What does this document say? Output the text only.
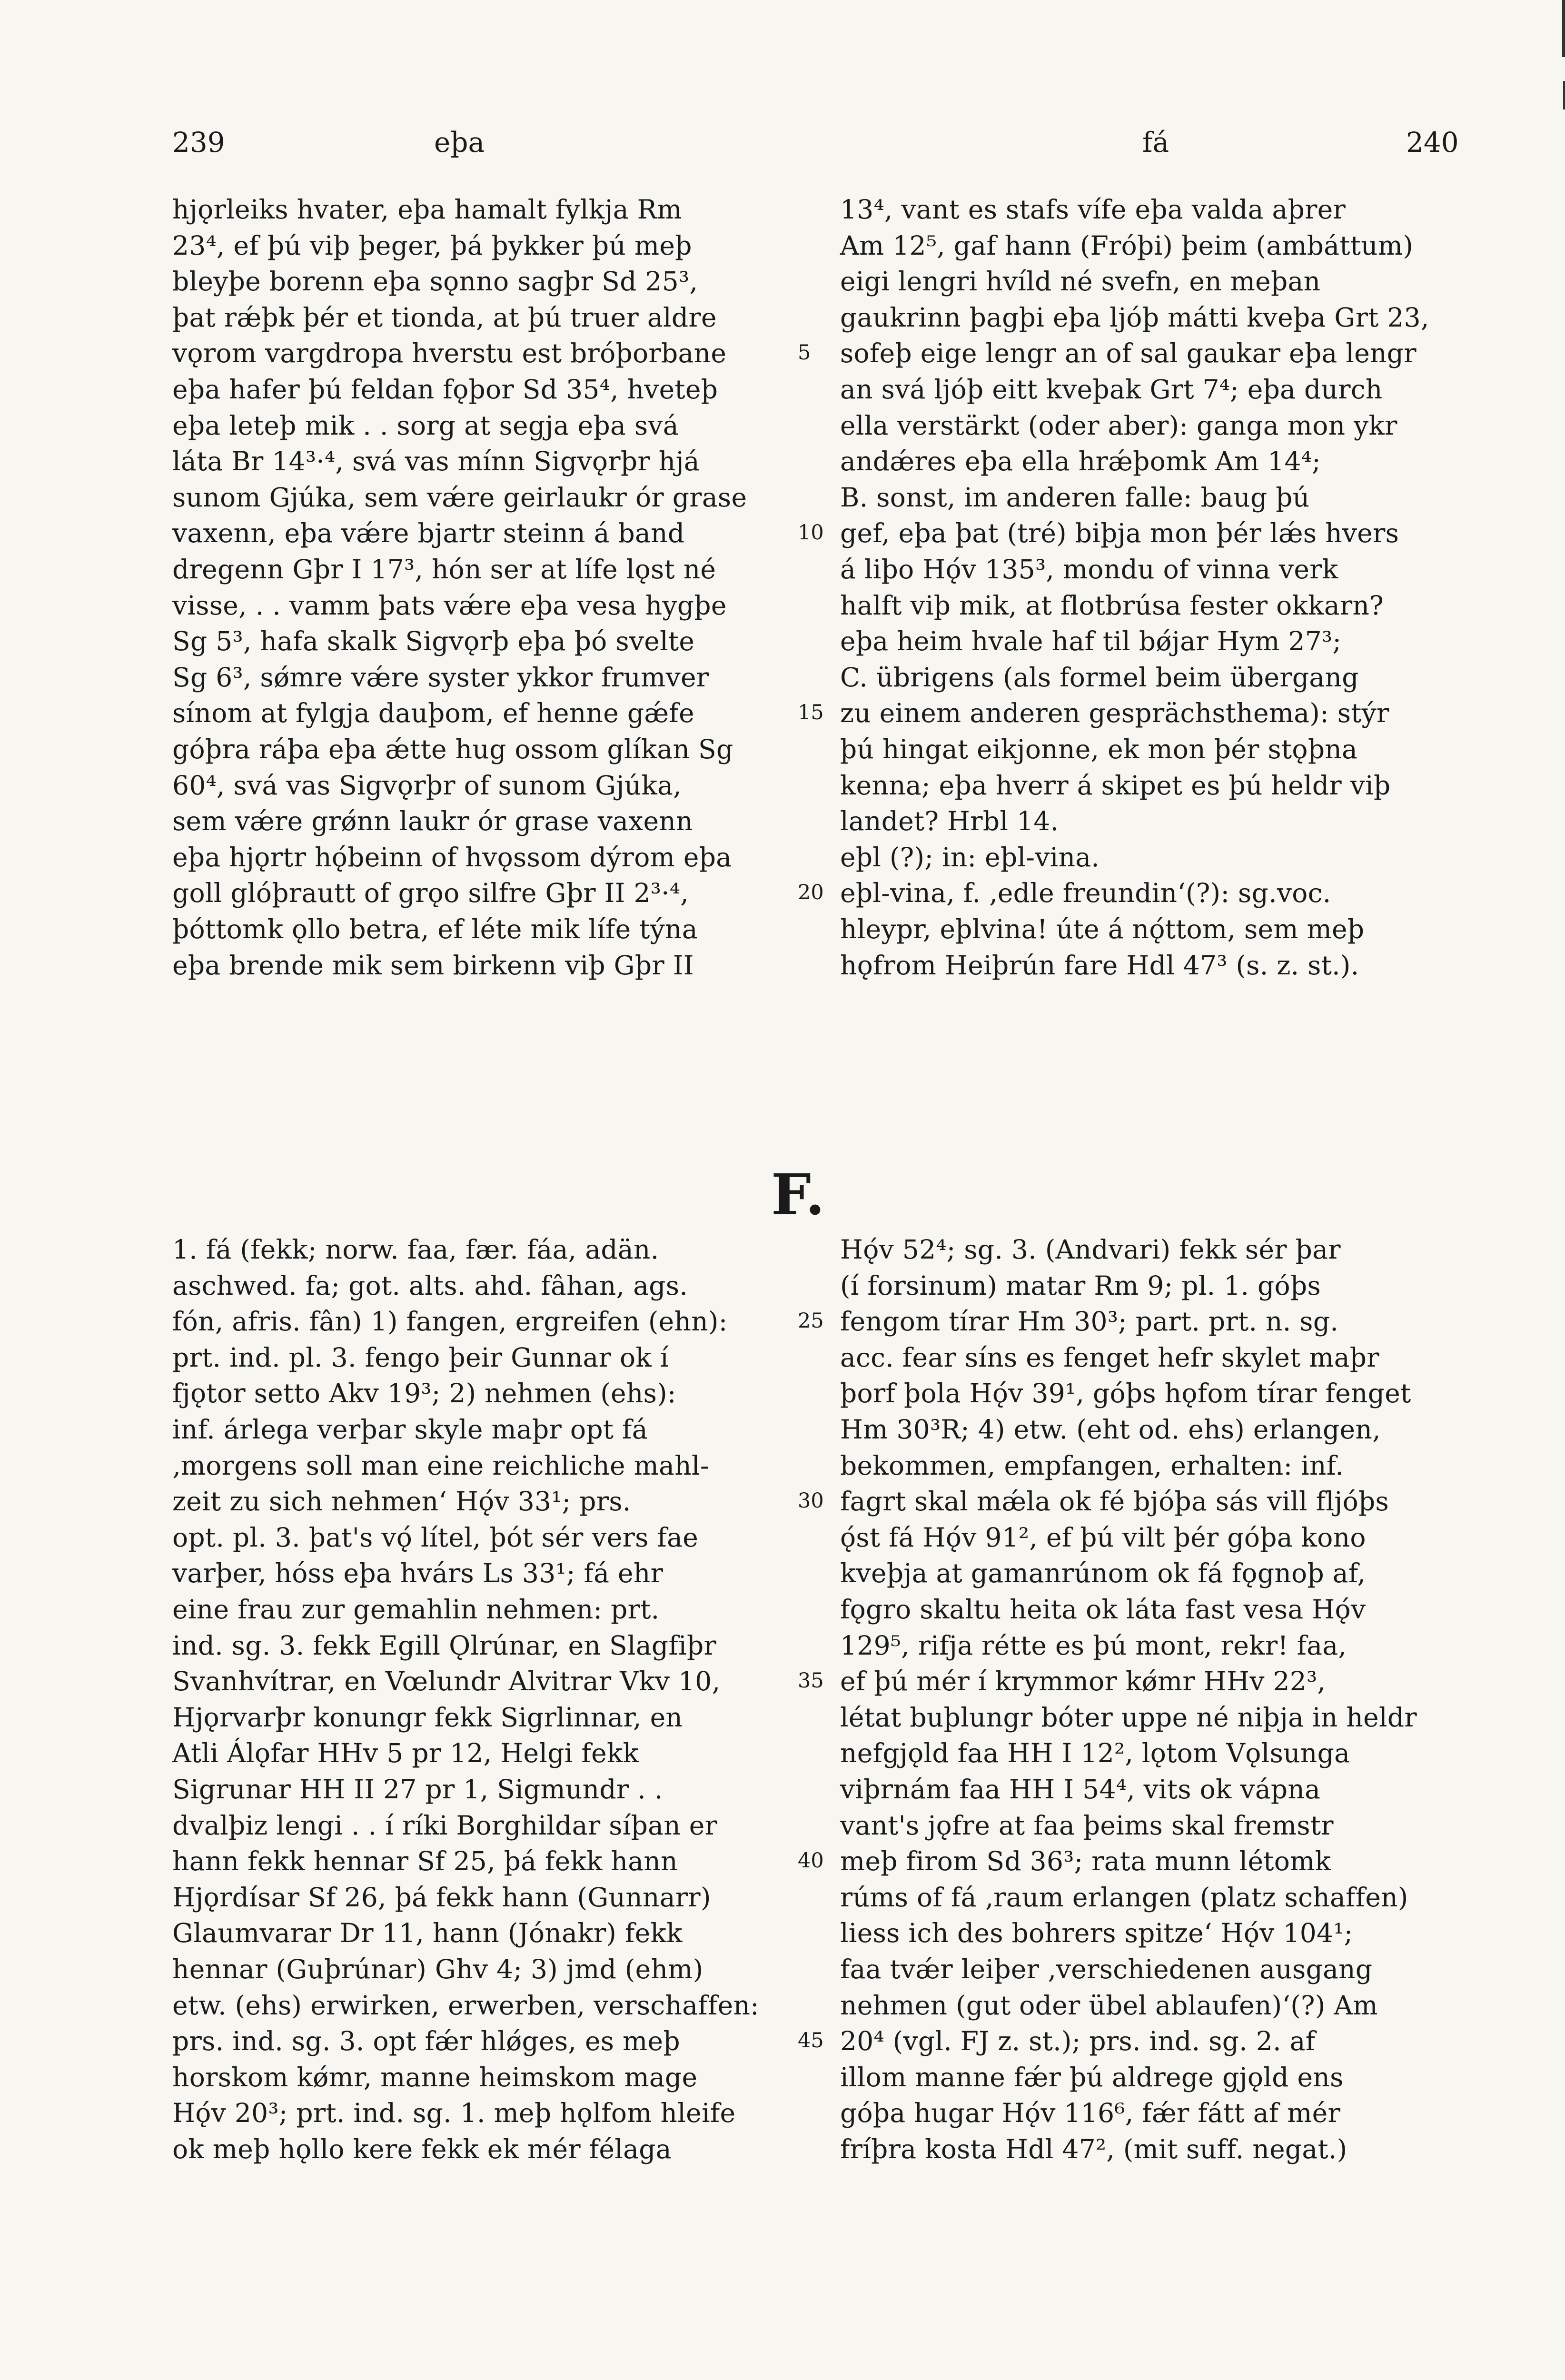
239	eþa	fá	240
hjǫrleiks hvater, eþa hamalt fylkja Rm
23⁴, ef þú viþ þeger, þá þykker þú meþ
bleyþe borenn eþa sǫnno sagþr Sd 25³,
þat rǽþk þér et tionda, at þú truer aldre
vǫrom vargdropa hverstu est bróþorbane
eþa hafer þú feldan fǫþor Sd 35⁴, hveteþ
eþa leteþ mik . . sorg at segja eþa svá
láta Br 14³·⁴, svá vas mínn Sigvǫrþr hjá
sunom Gjúka, sem vǽre geirlaukr ór grase
vaxenn, eþa vǽre bjartr steinn á band
dregenn Gþr I 17³, hón ser at lífe lǫst né
visse, . . vamm þats vǽre eþa vesa hygþe
Sg 5³, hafa skalk Sigvǫrþ eþa þó svelte
Sg 6³, sǿmre vǽre syster ykkor frumver
sínom at fylgja dauþom, ef henne gǽfe
góþra ráþa eþa ǽtte hug ossom glíkan Sg
60⁴, svá vas Sigvǫrþr of sunom Gjúka,
sem vǽre grǿnn laukr ór grase vaxenn
eþa hjǫrtr hǫ́beinn of hvǫssom dýrom eþa
goll glóþrautt of grǫo silfre Gþr II 2³·⁴,
þóttomk ǫllo betra, ef léte mik lífe týna
eþa brende mik sem birkenn viþ Gþr II
13⁴, vant es stafs vífe eþa valda aþrer
Am 12⁵, gaf hann (Fróþi) þeim (ambáttum)
eigi lengri hvíld né svefn, en meþan
gaukrinn þagþi eþa ljóþ mátti kveþa Grt 23,
sofeþ eige lengr an of sal gaukar eþa lengr
an svá ljóþ eitt kveþak Grt 7⁴; eþa durch
ella verstärkt (oder aber): ganga mon ykr
andǽres eþa ella hrǽþomk Am 14⁴;
B. sonst, im anderen falle: baug þú
gef, eþa þat (tré) biþja mon þér lǽs hvers
á liþo Hǫ́v 135³, mondu of vinna verk
halft viþ mik, at flotbrúsa fester okkarn?
eþa heim hvale haf til bǿjar Hym 27³;
C. übrigens (als formel beim übergang
zu einem anderen gesprächsthema): stýr
þú hingat eikjonne, ek mon þér stǫþna
kenna; eþa hverr á skipet es þú heldr viþ
landet? Hrbl 14.
eþl (?); in: eþl-vina.
eþl-vina, f. ‚edle freundin‘(?): sg.voc.
hleypr, eþlvina! úte á nǫ́ttom, sem meþ
hǫfrom Heiþrún fare Hdl 47³ (s. z. st.).
5
10
15
20
F.
1. fá (fekk; norw. faa, fær. fáa, adän.
aschwed. fa; got. alts. ahd. fâhan, ags.
fón, afris. fân) 1) fangen, ergreifen (ehn):
prt. ind. pl. 3. fengo þeir Gunnar ok í
fjǫtor setto Akv 19³; 2) nehmen (ehs):
inf. árlega verþar skyle maþr opt fá
‚morgens soll man eine reichliche mahl-
zeit zu sich nehmen‘ Hǫ́v 33¹; prs.
opt. pl. 3. þat's vǫ́ lítel, þót sér vers fae
varþer, hóss eþa hvárs Ls 33¹; fá ehr
eine frau zur gemahlin nehmen: prt.
ind. sg. 3. fekk Egill Ǫlrúnar, en Slagfiþr
Svanhvítrar, en Vœlundr Alvitrar Vkv 10,
Hjǫrvarþr konungr fekk Sigrlinnar, en
Atli Álǫfar HHv 5 pr 12, Helgi fekk
Sigrunar HH II 27 pr 1, Sigmundr . .
dvalþiz lengi . . í ríki Borghildar síþan er
hann fekk hennar Sf 25, þá fekk hann
Hjǫrdísar Sf 26, þá fekk hann (Gunnarr)
Glaumvarar Dr 11, hann (Jónakr) fekk
hennar (Guþrúnar) Ghv 4; 3) jmd (ehm)
etw. (ehs) erwirken, erwerben, verschaffen:
prs. ind. sg. 3. opt fǽr hlǿges, es meþ
horskom kǿmr, manne heimskom mage
Hǫ́v 20³; prt. ind. sg. 1. meþ hǫlfom hleife
ok meþ hǫllo kere fekk ek mér félaga
Hǫ́v 52⁴; sg. 3. (Andvari) fekk sér þar
(í forsinum) matar Rm 9; pl. 1. góþs
fengom tírar Hm 30³; part. prt. n. sg.
acc. fear síns es fenget hefr skylet maþr
þorf þola Hǫ́v 39¹, góþs hǫfom tírar fenget
Hm 30³R; 4) etw. (eht od. ehs) erlangen,
bekommen, empfangen, erhalten: inf.
fagrt skal mǽla ok fé bjóþa sás vill fljóþs
ǫ́st fá Hǫ́v 91², ef þú vilt þér góþa kono
kveþja at gamanrúnom ok fá fǫgnoþ af,
fǫgro skaltu heita ok láta fast vesa Hǫ́v
129⁵, rifja rétte es þú mont, rekr! faa,
ef þú mér í krymmor kǿmr HHv 22³,
létat buþlungr bóter uppe né niþja in heldr
nefgjǫld faa HH I 12², lǫtom Vǫlsunga
viþrnám faa HH I 54⁴, vits ok vápna
vant's jǫfre at faa þeims skal fremstr
meþ firom Sd 36³; rata munn létomk
rúms of fá ‚raum erlangen (platz schaffen)
liess ich des bohrers spitze‘ Hǫ́v 104¹;
faa tvǽr leiþer ‚verschiedenen ausgang
nehmen (gut oder übel ablaufen)‘(?) Am
20⁴ (vgl. FJ z. st.); prs. ind. sg. 2. af
illom manne fǽr þú aldrege gjǫld ens
góþa hugar Hǫ́v 116⁶, fǽr fátt af mér
fríþra kosta Hdl 47², (mit suff. negat.)
25
30
35
40
45
